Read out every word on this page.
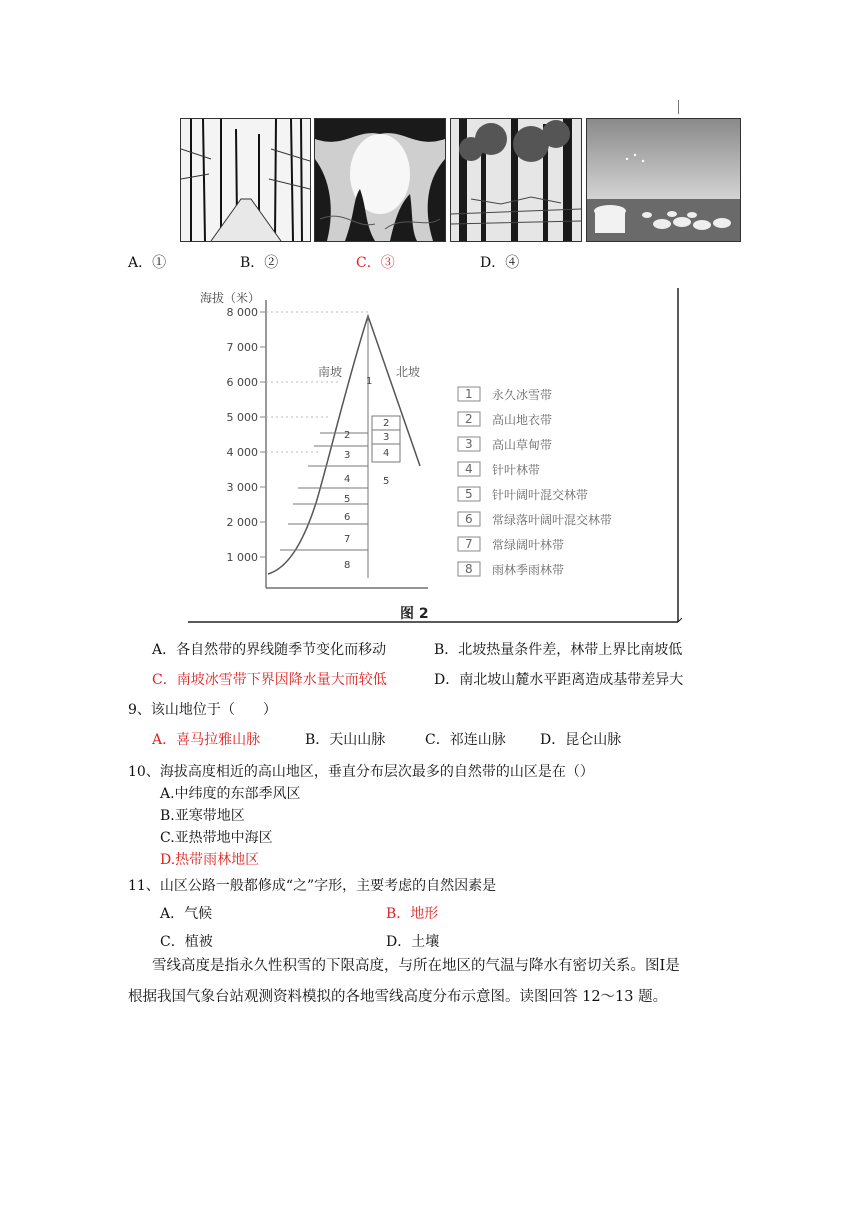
A．①	B．②	C．③	D．④
海拔（米）
8 000
7 000
6 000
5 000
4 000
3 000
2 000
1 000
南坡	北坡
1
2
3
4
5
6
7
8
2
3
4
5
1 永久冰雪带
2 高山地衣带
3 高山草甸带
4 针叶林带
5 针叶阔叶混交林带
6 常绿落叶阔叶混交林带
7 常绿阔叶林带
8 雨林季雨林带
图 2
A．各自然带的界线随季节变化而移动	B．北坡热量条件差，林带上界比南坡低
C．南坡冰雪带下界因降水量大而较低	D．南北坡山麓水平距离造成基带差异大
9、该山地位于（　　）
A．喜马拉雅山脉	B．天山山脉	C．祁连山脉 D．昆仑山脉
10、海拔高度相近的高山地区，垂直分布层次最多的自然带的山区是在（）
A.中纬度的东部季风区
B.亚寒带地区
C.亚热带地中海区
D.热带雨林地区
11、山区公路一般都修成“之”字形，主要考虑的自然因素是
A．气候	B．地形
C．植被	D．土壤
雪线高度是指永久性积雪的下限高度，与所在地区的气温与降水有密切关系。图Ⅰ是
根据我国气象台站观测资料模拟的各地雪线高度分布示意图。读图回答 12～13 题。
